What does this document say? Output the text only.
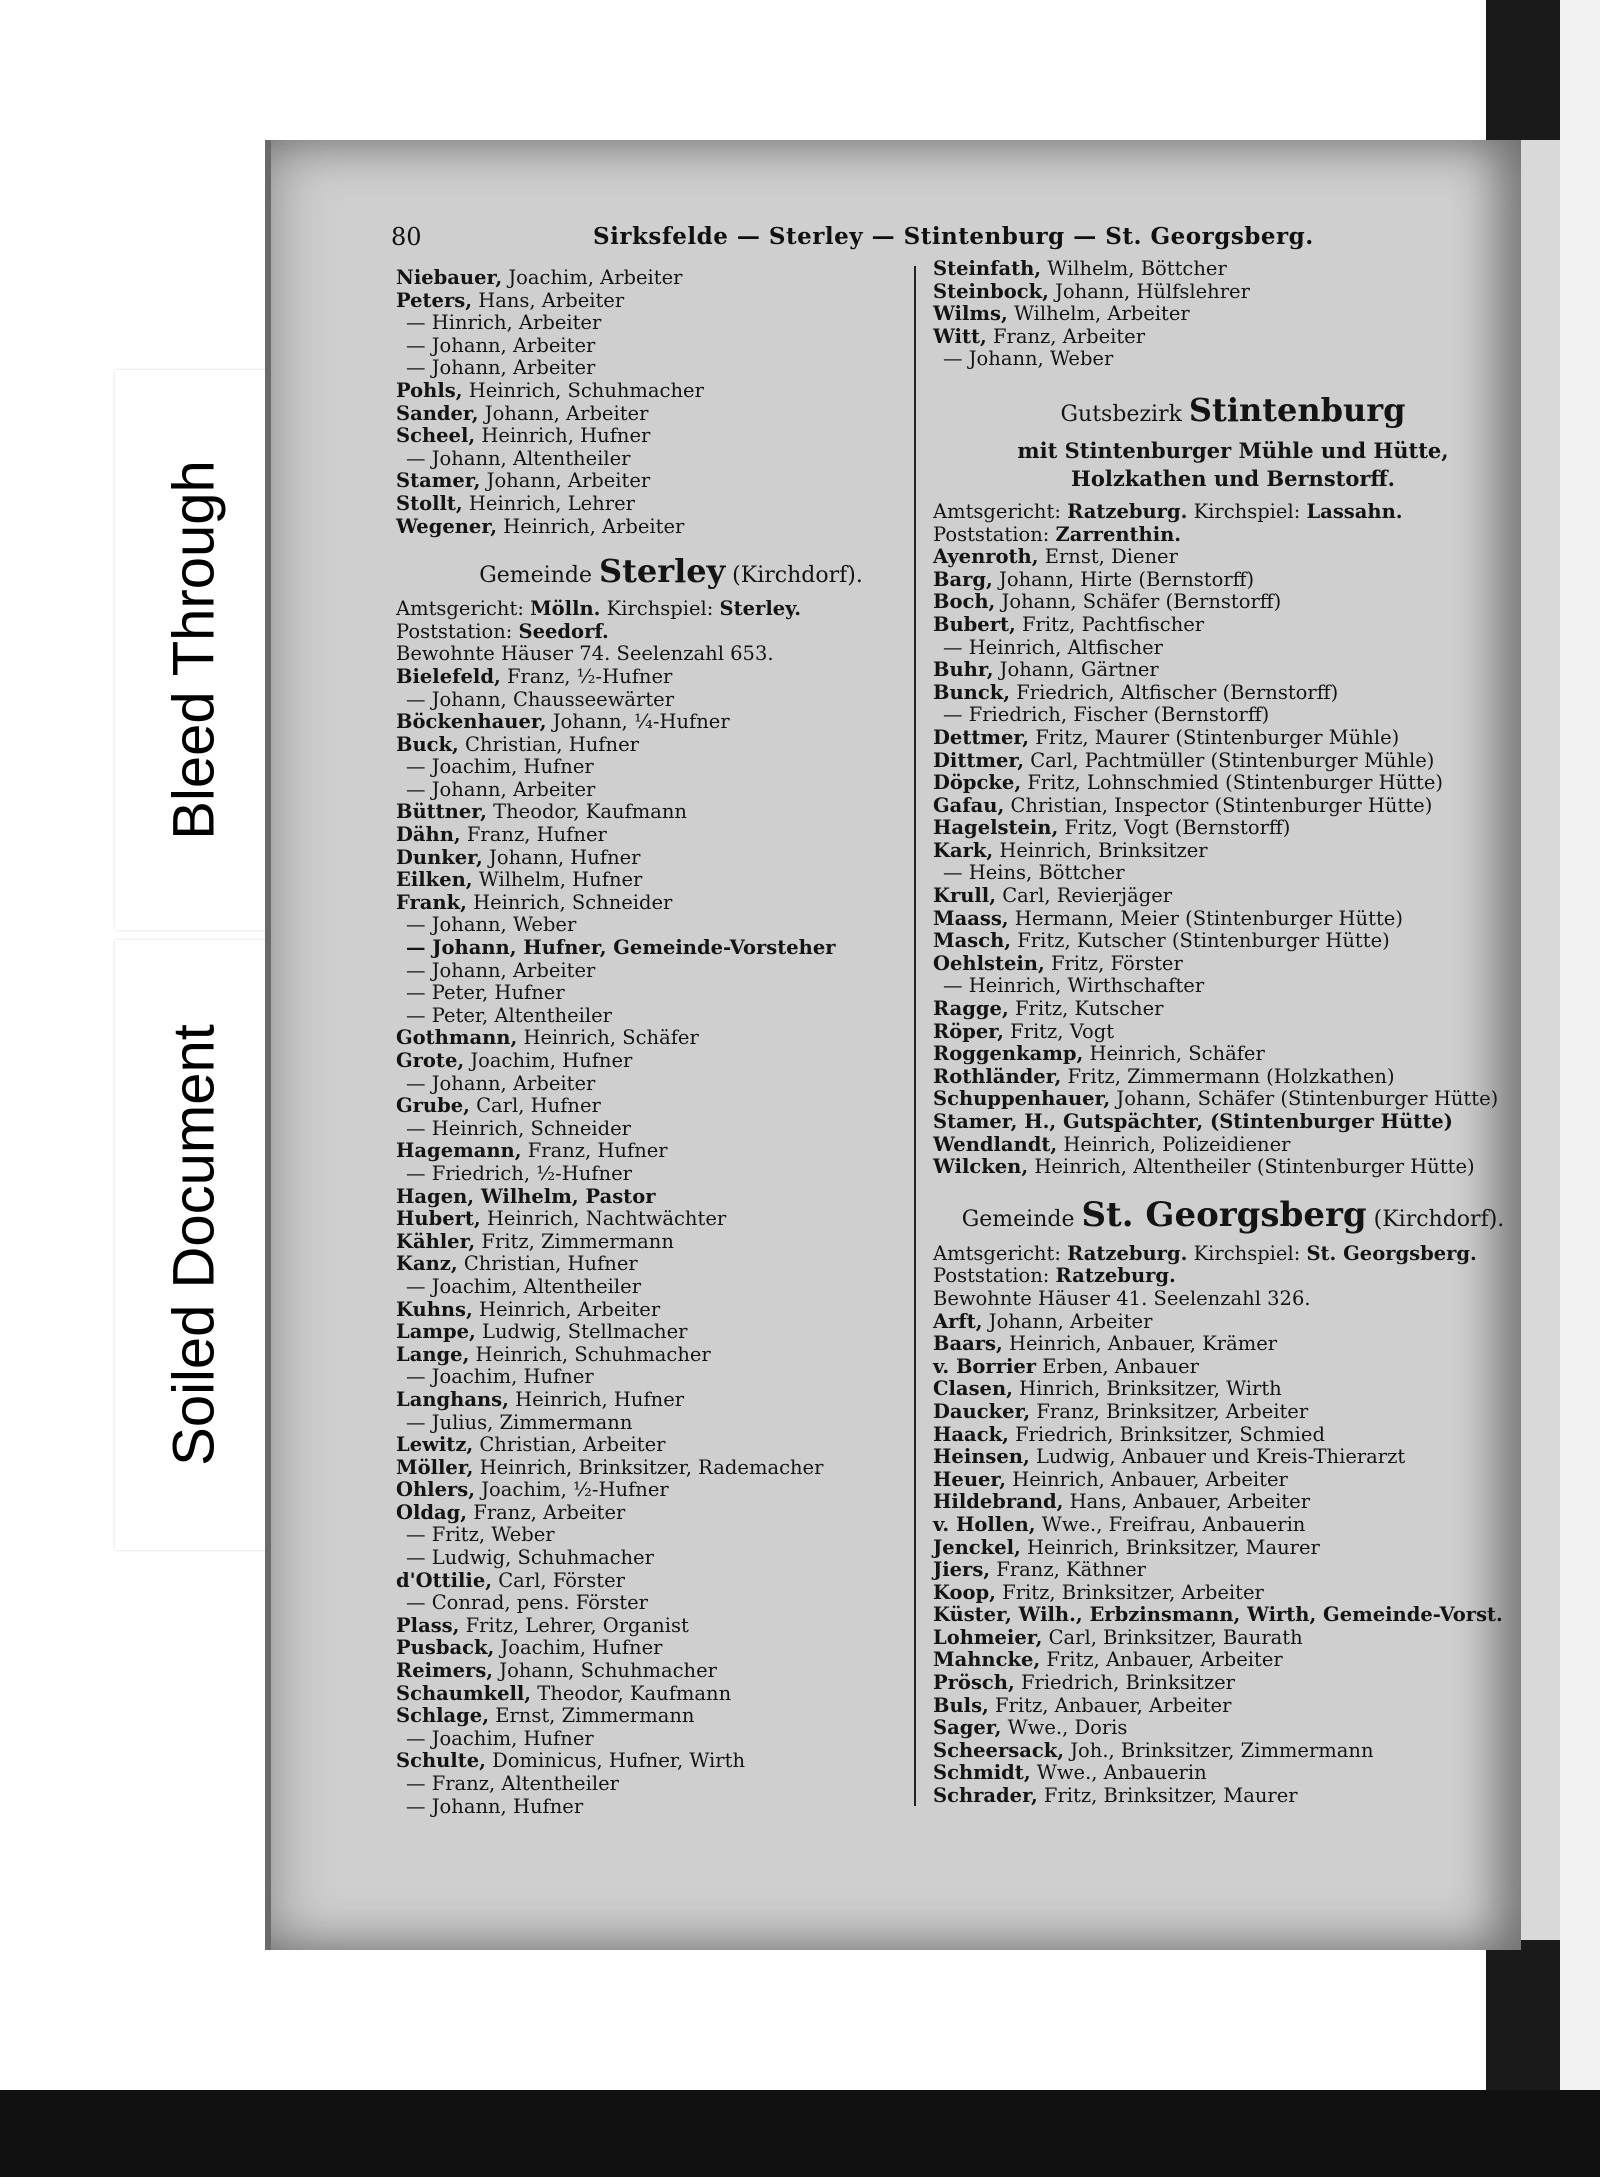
Bleed Through
Soiled Document
80	Sirksfelde — Sterley — Stintenburg — St. Georgsberg.
Niebauer, Joachim, Arbeiter
Peters, Hans, Arbeiter
— Hinrich, Arbeiter
— Johann, Arbeiter
— Johann, Arbeiter
Pohls, Heinrich, Schuhmacher
Sander, Johann, Arbeiter
Scheel, Heinrich, Hufner
— Johann, Altentheiler
Stamer, Johann, Arbeiter
Stollt, Heinrich, Lehrer
Wegener, Heinrich, Arbeiter
Gemeinde Sterley (Kirchdorf).
Amtsgericht: Mölln. Kirchspiel: Sterley.
Poststation: Seedorf.
Bewohnte Häuser 74. Seelenzahl 653.
Bielefeld, Franz, ½-Hufner
— Johann, Chausseewärter
Böckenhauer, Johann, ¼-Hufner
Buck, Christian, Hufner
— Joachim, Hufner
— Johann, Arbeiter
Büttner, Theodor, Kaufmann
Dähn, Franz, Hufner
Dunker, Johann, Hufner
Eilken, Wilhelm, Hufner
Frank, Heinrich, Schneider
— Johann, Weber
— Johann, Hufner, Gemeinde-Vorsteher
— Johann, Arbeiter
— Peter, Hufner
— Peter, Altentheiler
Gothmann, Heinrich, Schäfer
Grote, Joachim, Hufner
— Johann, Arbeiter
Grube, Carl, Hufner
— Heinrich, Schneider
Hagemann, Franz, Hufner
— Friedrich, ½-Hufner
Hagen, Wilhelm, Pastor
Hubert, Heinrich, Nachtwächter
Kähler, Fritz, Zimmermann
Kanz, Christian, Hufner
— Joachim, Altentheiler
Kuhns, Heinrich, Arbeiter
Lampe, Ludwig, Stellmacher
Lange, Heinrich, Schuhmacher
— Joachim, Hufner
Langhans, Heinrich, Hufner
— Julius, Zimmermann
Lewitz, Christian, Arbeiter
Möller, Heinrich, Brinksitzer, Rademacher
Ohlers, Joachim, ½-Hufner
Oldag, Franz, Arbeiter
— Fritz, Weber
— Ludwig, Schuhmacher
d'Ottilie, Carl, Förster
— Conrad, pens. Förster
Plass, Fritz, Lehrer, Organist
Pusback, Joachim, Hufner
Reimers, Johann, Schuhmacher
Schaumkell, Theodor, Kaufmann
Schlage, Ernst, Zimmermann
— Joachim, Hufner
Schulte, Dominicus, Hufner, Wirth
— Franz, Altentheiler
— Johann, Hufner
Steinfath, Wilhelm, Böttcher
Steinbock, Johann, Hülfslehrer
Wilms, Wilhelm, Arbeiter
Witt, Franz, Arbeiter
— Johann, Weber
Gutsbezirk Stintenburg
mit Stintenburger Mühle und Hütte, Holzkathen und Bernstorff.
Amtsgericht: Ratzeburg. Kirchspiel: Lassahn.
Poststation: Zarrenthin.
Ayenroth, Ernst, Diener
Barg, Johann, Hirte (Bernstorff)
Boch, Johann, Schäfer (Bernstorff)
Bubert, Fritz, Pachtfischer
— Heinrich, Altfischer
Buhr, Johann, Gärtner
Bunck, Friedrich, Altfischer (Bernstorff)
— Friedrich, Fischer (Bernstorff)
Dettmer, Fritz, Maurer (Stintenburger Mühle)
Dittmer, Carl, Pachtmüller (Stintenburger Mühle)
Döpcke, Fritz, Lohnschmied (Stintenburger Hütte)
Gafau, Christian, Inspector (Stintenburger Hütte)
Hagelstein, Fritz, Vogt (Bernstorff)
Kark, Heinrich, Brinksitzer
— Heins, Böttcher
Krull, Carl, Revierjäger
Maass, Hermann, Meier (Stintenburger Hütte)
Masch, Fritz, Kutscher (Stintenburger Hütte)
Oehlstein, Fritz, Förster
— Heinrich, Wirthschafter
Ragge, Fritz, Kutscher
Röper, Fritz, Vogt
Roggenkamp, Heinrich, Schäfer
Rothländer, Fritz, Zimmermann (Holzkathen)
Schuppenhauer, Johann, Schäfer (Stintenburger Hütte)
Stamer, H., Gutspächter, (Stintenburger Hütte)
Wendlandt, Heinrich, Polizeidiener
Wilcken, Heinrich, Altentheiler (Stintenburger Hütte)
Gemeinde St. Georgsberg (Kirchdorf).
Amtsgericht: Ratzeburg. Kirchspiel: St. Georgsberg.
Poststation: Ratzeburg.
Bewohnte Häuser 41. Seelenzahl 326.
Arft, Johann, Arbeiter
Baars, Heinrich, Anbauer, Krämer
v. Borrier Erben, Anbauer
Clasen, Hinrich, Brinksitzer, Wirth
Daucker, Franz, Brinksitzer, Arbeiter
Haack, Friedrich, Brinksitzer, Schmied
Heinsen, Ludwig, Anbauer und Kreis-Thierarzt
Heuer, Heinrich, Anbauer, Arbeiter
Hildebrand, Hans, Anbauer, Arbeiter
v. Hollen, Wwe., Freifrau, Anbauerin
Jenckel, Heinrich, Brinksitzer, Maurer
Jiers, Franz, Käthner
Koop, Fritz, Brinksitzer, Arbeiter
Küster, Wilh., Erbzinsmann, Wirth, Gemeinde-Vorst.
Lohmeier, Carl, Brinksitzer, Baurath
Mahncke, Fritz, Anbauer, Arbeiter
Prösch, Friedrich, Brinksitzer
Buls, Fritz, Anbauer, Arbeiter
Sager, Wwe., Doris
Scheersack, Joh., Brinksitzer, Zimmermann
Schmidt, Wwe., Anbauerin
Schrader, Fritz, Brinksitzer, Maurer
